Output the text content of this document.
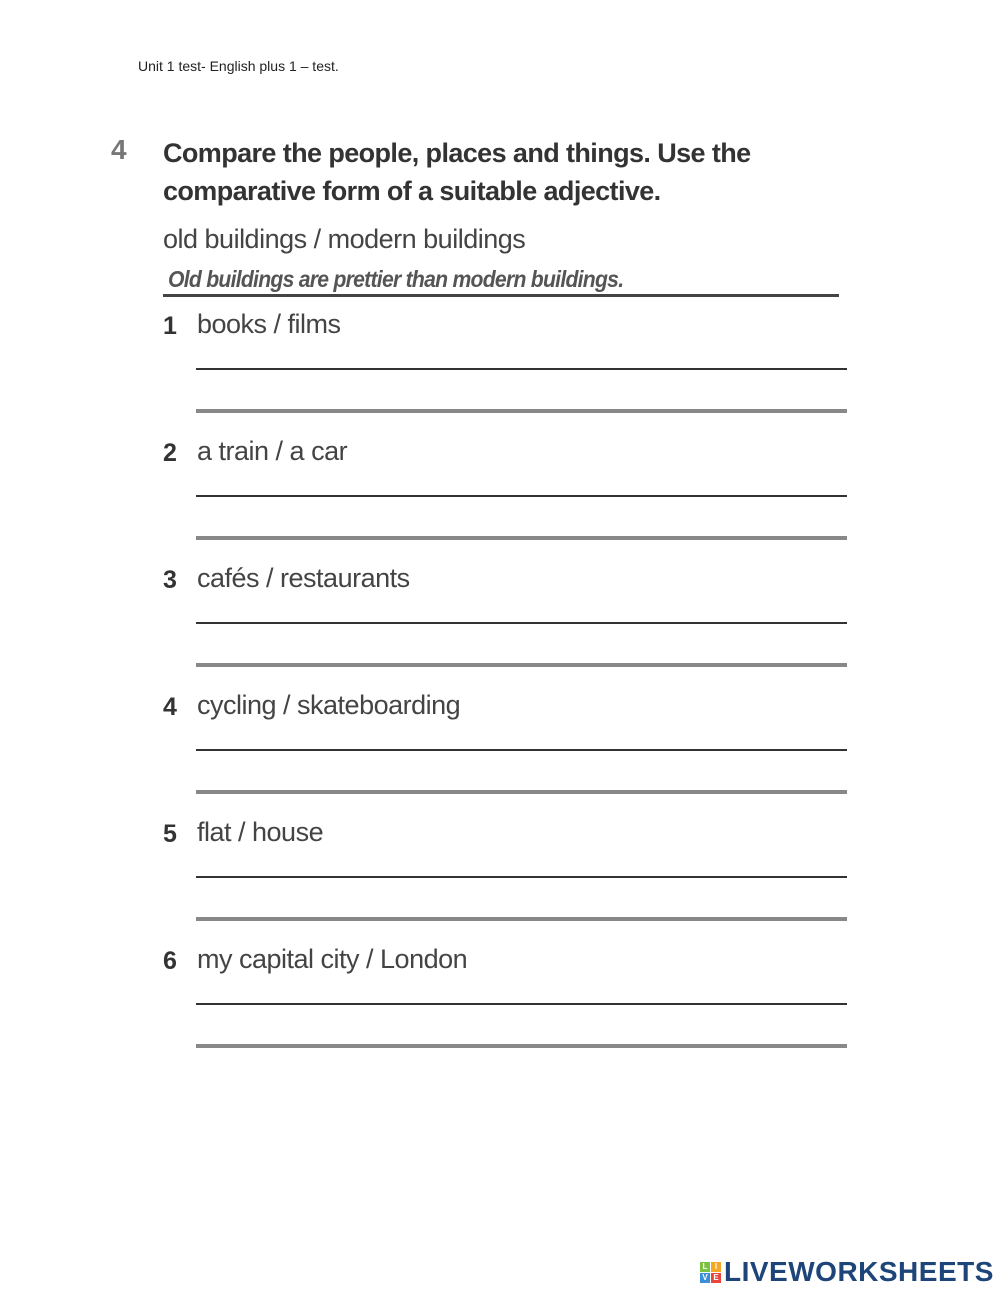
Unit 1 test- English plus 1 – test.
4 Compare the people, places and things. Use the
comparative form of a suitable adjective.
old buildings / modern buildings
Old buildings are prettier than modern buildings.
1 books / films
2 a train / a car
3 cafés / restaurants
4 cycling / skateboarding
5 flat / house
6 my capital city / London
L I
V E LIVEWORKSHEETS
